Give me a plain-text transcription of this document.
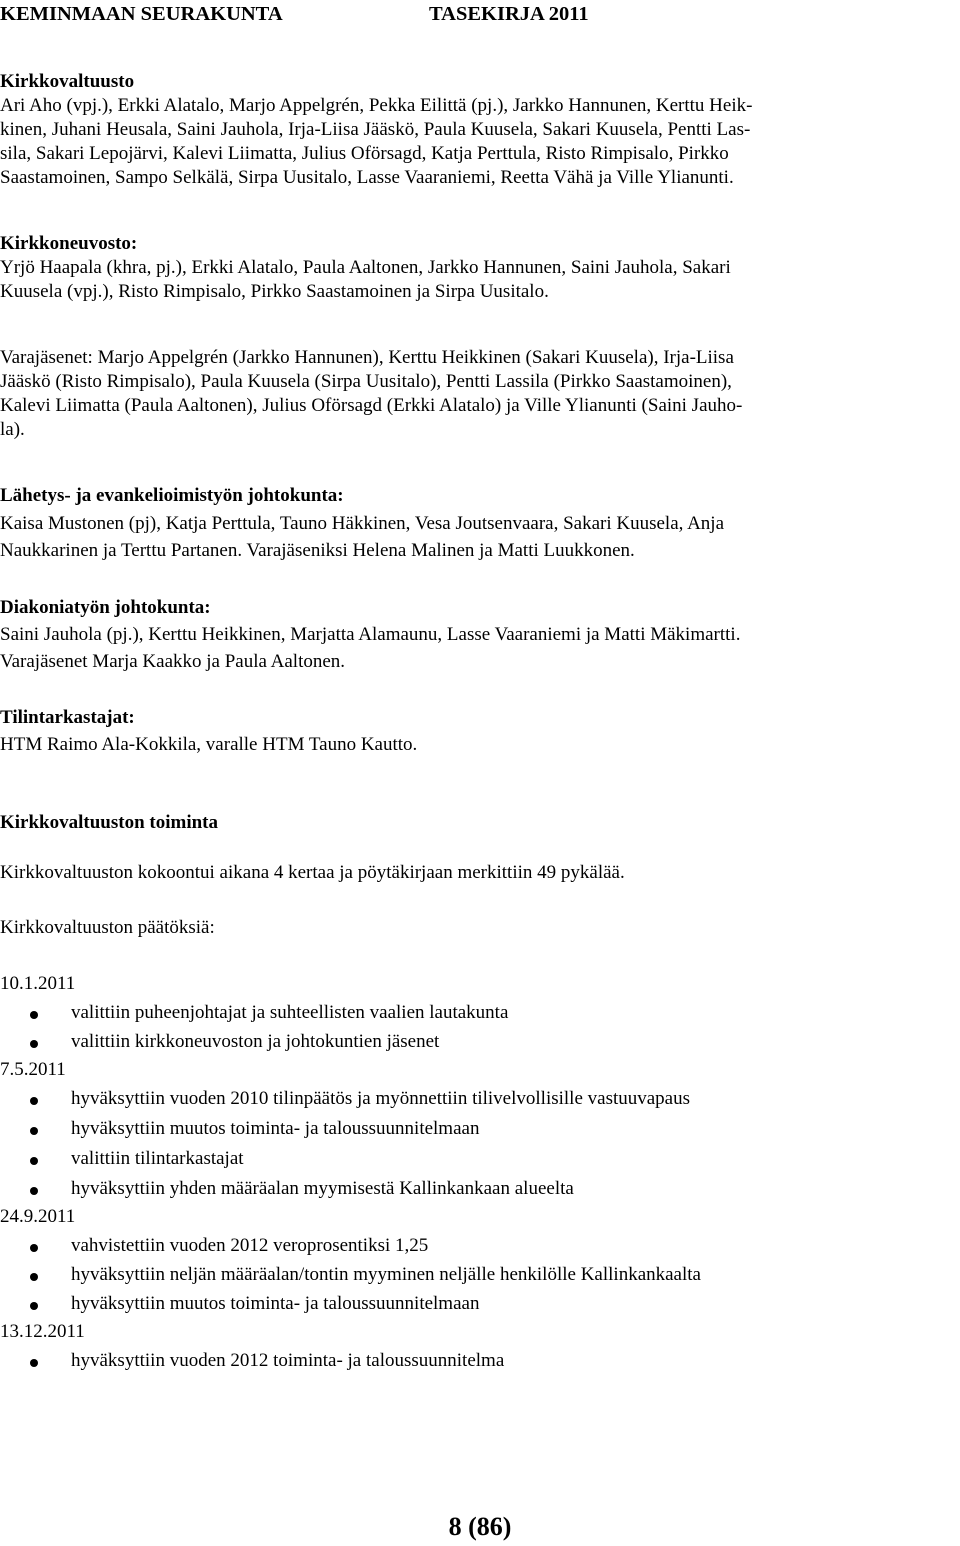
KEMINMAAN SEURAKUNTA	TASEKIRJA 2011
Kirkkovaltuusto
Ari Aho (vpj.), Erkki Alatalo, Marjo Appelgrén, Pekka Eilittä (pj.), Jarkko Hannunen, Kerttu Heik-
kinen, Juhani Heusala, Saini Jauhola, Irja-Liisa Jääskö, Paula Kuusela, Sakari Kuusela, Pentti Las-
sila, Sakari Lepojärvi, Kalevi Liimatta, Julius Oförsagd, Katja Perttula, Risto Rimpisalo, Pirkko
Saastamoinen, Sampo Selkälä, Sirpa Uusitalo, Lasse Vaaraniemi, Reetta Vähä ja Ville Ylianunti.
Kirkkoneuvosto:
Yrjö Haapala (khra, pj.), Erkki Alatalo, Paula Aaltonen, Jarkko Hannunen, Saini Jauhola, Sakari
Kuusela (vpj.), Risto Rimpisalo, Pirkko Saastamoinen ja Sirpa Uusitalo.
Varajäsenet: Marjo Appelgrén (Jarkko Hannunen), Kerttu Heikkinen (Sakari Kuusela), Irja-Liisa
Jääskö (Risto Rimpisalo), Paula Kuusela (Sirpa Uusitalo), Pentti Lassila (Pirkko Saastamoinen),
Kalevi Liimatta (Paula Aaltonen), Julius Oförsagd (Erkki Alatalo) ja Ville Ylianunti (Saini Jauho-
la).
Lähetys- ja evankelioimistyön johtokunta:
Kaisa Mustonen (pj), Katja Perttula, Tauno Häkkinen, Vesa Joutsenvaara, Sakari Kuusela, Anja
Naukkarinen ja Terttu Partanen. Varajäseniksi Helena Malinen ja Matti Luukkonen.
Diakoniatyön johtokunta:
Saini Jauhola (pj.), Kerttu Heikkinen, Marjatta Alamaunu, Lasse Vaaraniemi ja Matti Mäkimartti.
Varajäsenet Marja Kaakko ja Paula Aaltonen.
Tilintarkastajat:
HTM Raimo Ala-Kokkila, varalle HTM Tauno Kautto.
Kirkkovaltuuston toiminta
Kirkkovaltuuston kokoontui aikana 4 kertaa ja pöytäkirjaan merkittiin 49 pykälää.
Kirkkovaltuuston päätöksiä:
10.1.2011
valittiin puheenjohtajat ja suhteellisten vaalien lautakunta
valittiin kirkkoneuvoston ja johtokuntien jäsenet
7.5.2011
hyväksyttiin vuoden 2010 tilinpäätös ja myönnettiin tilivelvollisille vastuuvapaus
hyväksyttiin muutos toiminta- ja taloussuunnitelmaan
valittiin tilintarkastajat
hyväksyttiin yhden määräalan myymisestä Kallinkankaan alueelta
24.9.2011
vahvistettiin vuoden 2012 veroprosentiksi 1,25
hyväksyttiin neljän määräalan/tontin myyminen neljälle henkilölle Kallinkankaalta
hyväksyttiin muutos toiminta- ja taloussuunnitelmaan
13.12.2011
hyväksyttiin vuoden 2012 toiminta- ja taloussuunnitelma
8 (86)
